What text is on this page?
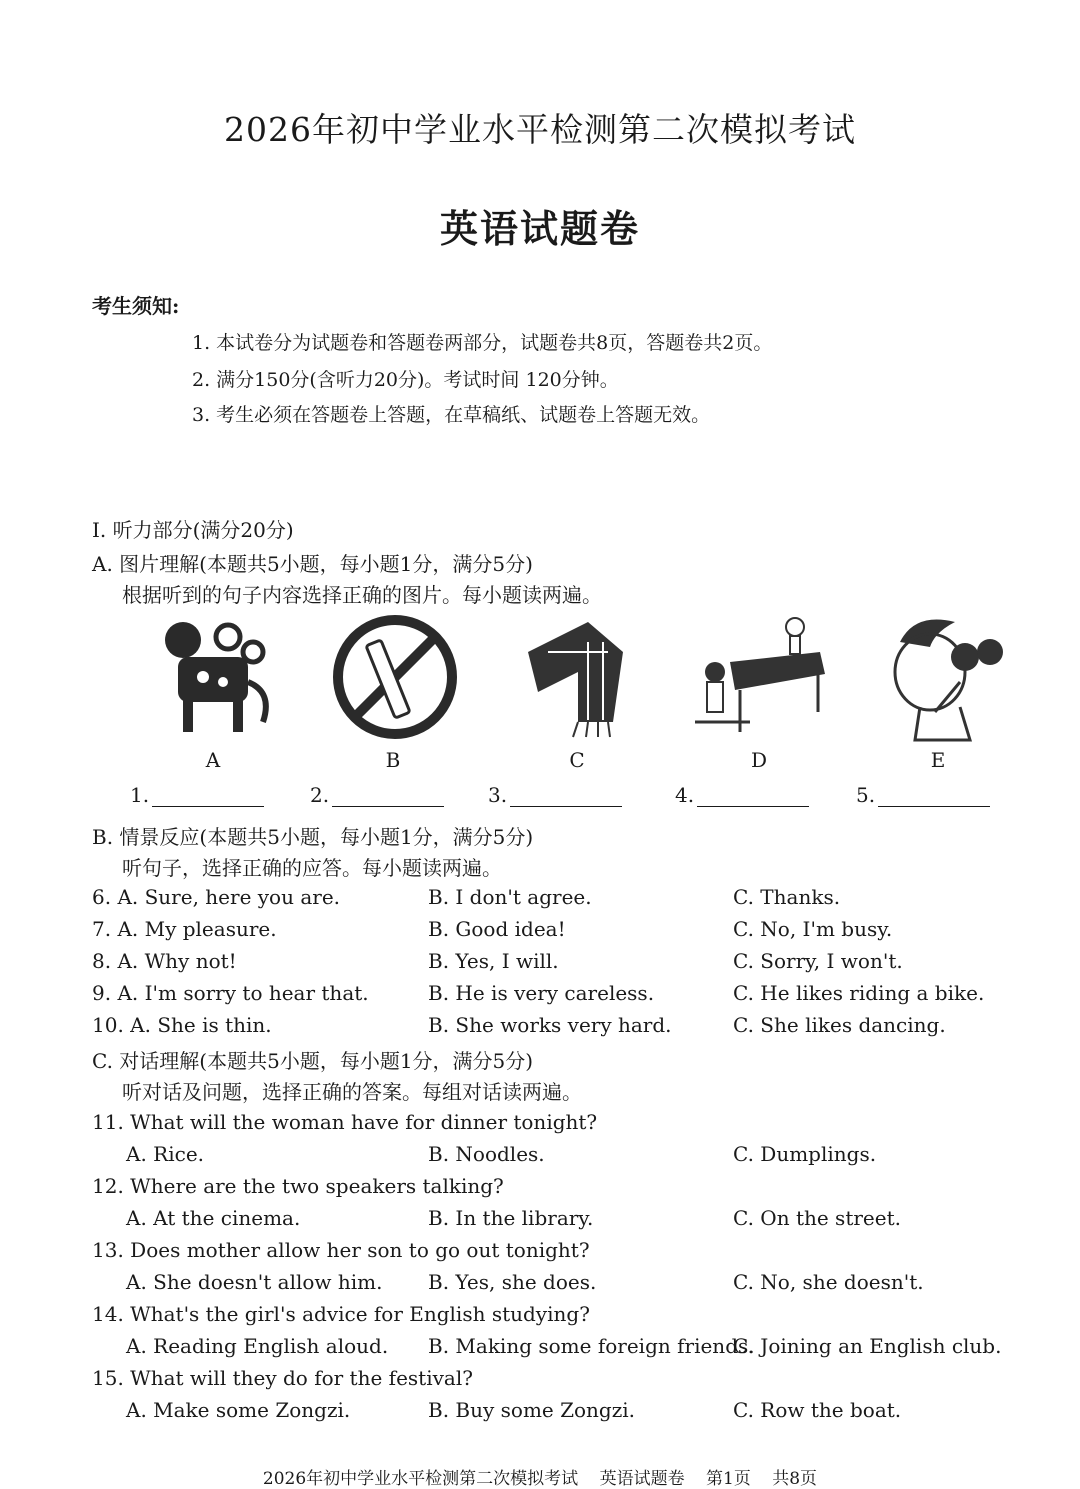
2026年初中学业水平检测第二次模拟考试
英语试题卷
考生须知:
1. 本试卷分为试题卷和答题卷两部分，试题卷共8页，答题卷共2页。
2. 满分150分(含听力20分)。考试时间 120分钟。
3. 考生必须在答题卷上答题，在草稿纸、试题卷上答题无效。
Ⅰ. 听力部分(满分20分)
A. 图片理解(本题共5小题，每小题1分，满分5分)
根据听到的句子内容选择正确的图片。每小题读两遍。
A	B	C	D	E
1.	2.	3.	4.	5.
B. 情景反应(本题共5小题，每小题1分，满分5分)
听句子，选择正确的应答。每小题读两遍。
6. A. Sure, here you are.	B. I don't agree.	C. Thanks.
7. A. My pleasure.	B. Good idea!	C. No, I'm busy.
8. A. Why not!	B. Yes, I will.	C. Sorry, I won't.
9. A. I'm sorry to hear that.	B. He is very careless.	C. He likes riding a bike.
10. A. She is thin.	B. She works very hard.	C. She likes dancing.
C. 对话理解(本题共5小题，每小题1分，满分5分)
听对话及问题，选择正确的答案。每组对话读两遍。
11. What will the woman have for dinner tonight?
A. Rice.	B. Noodles.	C. Dumplings.
12. Where are the two speakers talking?
A. At the cinema.	B. In the library.	C. On the street.
13. Does mother allow her son to go out tonight?
A. She doesn't allow him. B. Yes, she does.	C. No, she doesn't.
14. What's the girl's advice for English studying?
A. Reading English aloud. B. Making some foreign friends.
C. Joining an English club.
15. What will they do for the festival?
A. Make some Zongzi.	B. Buy some Zongzi.	C. Row the boat.
2026年初中学业水平检测第二次模拟考试 英语试题卷 第1页 共8页
